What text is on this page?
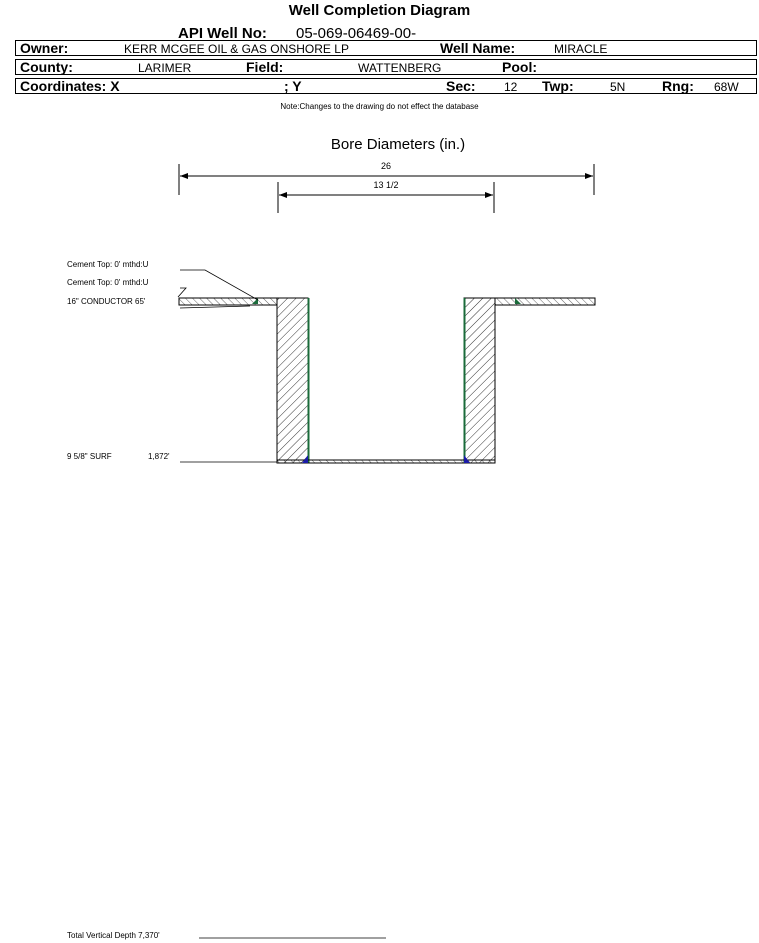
Well Completion Diagram
API Well No: 05-069-06469-00-
Owner:	KERR MCGEE OIL & GAS ONSHORE LP	Well Name:	MIRACLE
County:	LARIMER	Field:	WATTENBERG	Pool:
Coordinates: X	; Y	Sec: 12 Twp:	5N	Rng: 68W
Note:Changes to the drawing do not effect the database
Bore Diameters (in.)
26
13 1/2
Cement Top: 0' mthd:U
Cement Top: 0' mthd:U
16" CONDUCTOR 65'
9 5/8" SURF	1,872'
Total Vertical Depth 7,370'
